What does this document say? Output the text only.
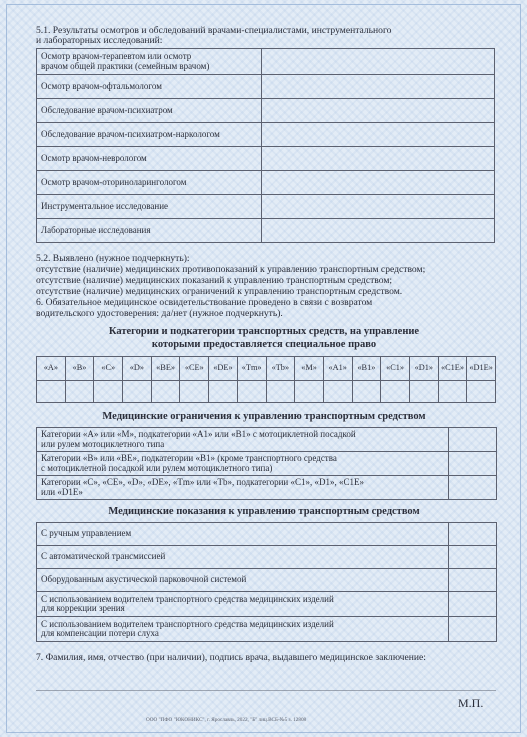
5.1. Результаты осмотров и обследований врачами-специалистами, инструментального
и лабораторных исследований:
Осмотр врачом-терапевтом или осмотр
врачом общей практики (семейным врачом)	
Осмотр врачом-офтальмологом	
Обследование врачом-психиатром	
Обследование врачом-психиатром-наркологом	
Осмотр врачом-неврологом	
Осмотр врачом-оториноларингологом	
Инструментальное исследование	
Лабораторные исследования	
5.2. Выявлено (нужное подчеркнуть):
отсутствие (наличие) медицинских противопоказаний к управлению транспортным средством;
отсутствие (наличие) медицинских показаний к управлению транспортным средством;
отсутствие (наличие) медицинских ограничений к управлению транспортным средством.
6. Обязательное медицинское освидетельствование проведено в связи с возвратом
водительского удостоверения: да/нет (нужное подчеркнуть).
Категории и подкатегории транспортных средств, на управление
которыми предоставляется специальное право
«A»	«B»	«C»	«D»	«BE»	«CE»	«DE»	«Tm»	«Tb»	«M»	«A1»	«B1»	«C1»	«D1»	«C1E»	«D1E»

Медицинские ограничения к управлению транспортным средством
Категории «А» или «М», подкатегории «А1» или «В1» с мотоциклетной посадкой
или рулем мотоциклетного типа	
Категории «В» или «ВЕ», подкатегории «В1» (кроме транспортного средства
с мотоциклетной посадкой или рулем мотоциклетного типа)	
Категории «С», «СЕ», «D», «DE», «Tm» или «Tb», подкатегории «С1», «D1», «С1Е»
или «D1E»	
Медицинские показания к управлению транспортным средством
С ручным управлением	
С автоматической трансмиссией	
Оборудованным акустической парковочной системой	
С использованием водителем транспортного средства медицинских изделий
для коррекции зрения	
С использованием водителем транспортного средства медицинских изделий
для компенсации потери слуха	
7. Фамилия, имя, отчество (при наличии), подпись врача, выдавшего медицинское заключение:
М.П.
ООО "ПФО "ЮКОНИКС", г. Ярославль, 2022, "Б" лиц.ВСБ-№5 з. 12808
